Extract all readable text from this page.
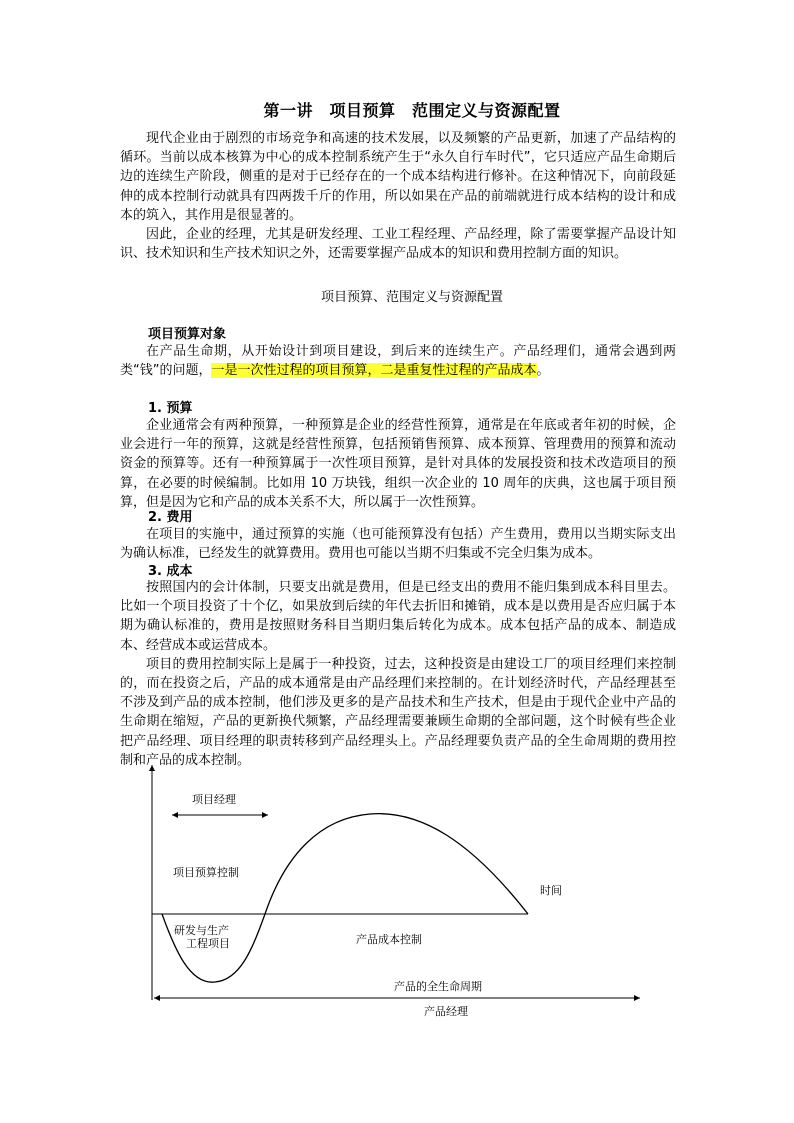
第一讲　项目预算　范围定义与资源配置

现代企业由于剧烈的市场竞争和高速的技术发展，以及频繁的产品更新，加速了产品结构的循环。当前以成本核算为中心的成本控制系统产生于“永久自行车时代”，它只适应产品生命期后边的连续生产阶段，侧重的是对于已经存在的一个成本结构进行修补。在这种情况下，向前段延伸的成本控制行动就具有四两拨千斤的作用，所以如果在产品的前端就进行成本结构的设计和成本的筑入，其作用是很显著的。

因此，企业的经理，尤其是研发经理、工业工程经理、产品经理，除了需要掌握产品设计知识、技术知识和生产技术知识之外，还需要掌握产品成本的知识和费用控制方面的知识。

项目预算、范围定义与资源配置
项目预算对象

在产品生命期，从开始设计到项目建设，到后来的连续生产。产品经理们，通常会遇到两类“钱”的问题，一是一次性过程的项目预算，二是重复性过程的产品成本。

1. 预算

企业通常会有两种预算，一种预算是企业的经营性预算，通常是在年底或者年初的时候，企业会进行一年的预算，这就是经营性预算，包括预销售预算、成本预算、管理费用的预算和流动资金的预算等。还有一种预算属于一次性项目预算，是针对具体的发展投资和技术改造项目的预算，在必要的时候编制。比如用 10 万块钱，组织一次企业的 10 周年的庆典，这也属于项目预算，但是因为它和产品的成本关系不大，所以属于一次性预算。

2. 费用

在项目的实施中，通过预算的实施（也可能预算没有包括）产生费用，费用以当期实际支出为确认标准，已经发生的就算费用。费用也可能以当期不归集或不完全归集为成本。

3. 成本

按照国内的会计体制，只要支出就是费用，但是已经支出的费用不能归集到成本科目里去。比如一个项目投资了十个亿，如果放到后续的年代去折旧和摊销，成本是以费用是否应归属于本期为确认标准的，费用是按照财务科目当期归集后转化为成本。成本包括产品的成本、制造成本、经营成本或运营成本。

项目的费用控制实际上是属于一种投资，过去，这种投资是由建设工厂的项目经理们来控制的，而在投资之后，产品的成本通常是由产品经理们来控制的。在计划经济时代，产品经理甚至不涉及到产品的成本控制，他们涉及更多的是产品技术和生产技术，但是由于现代企业中产品的生命期在缩短，产品的更新换代频繁，产品经理需要兼顾生命期的全部问题，这个时候有些企业把产品经理、项目经理的职责转移到产品经理头上。产品经理要负责产品的全生命周期的费用控制和产品的成本控制。

项目经理
项目预算控制
时间
研发与生产
工程项目	产品成本控制
产品的全生命周期
产品经理
